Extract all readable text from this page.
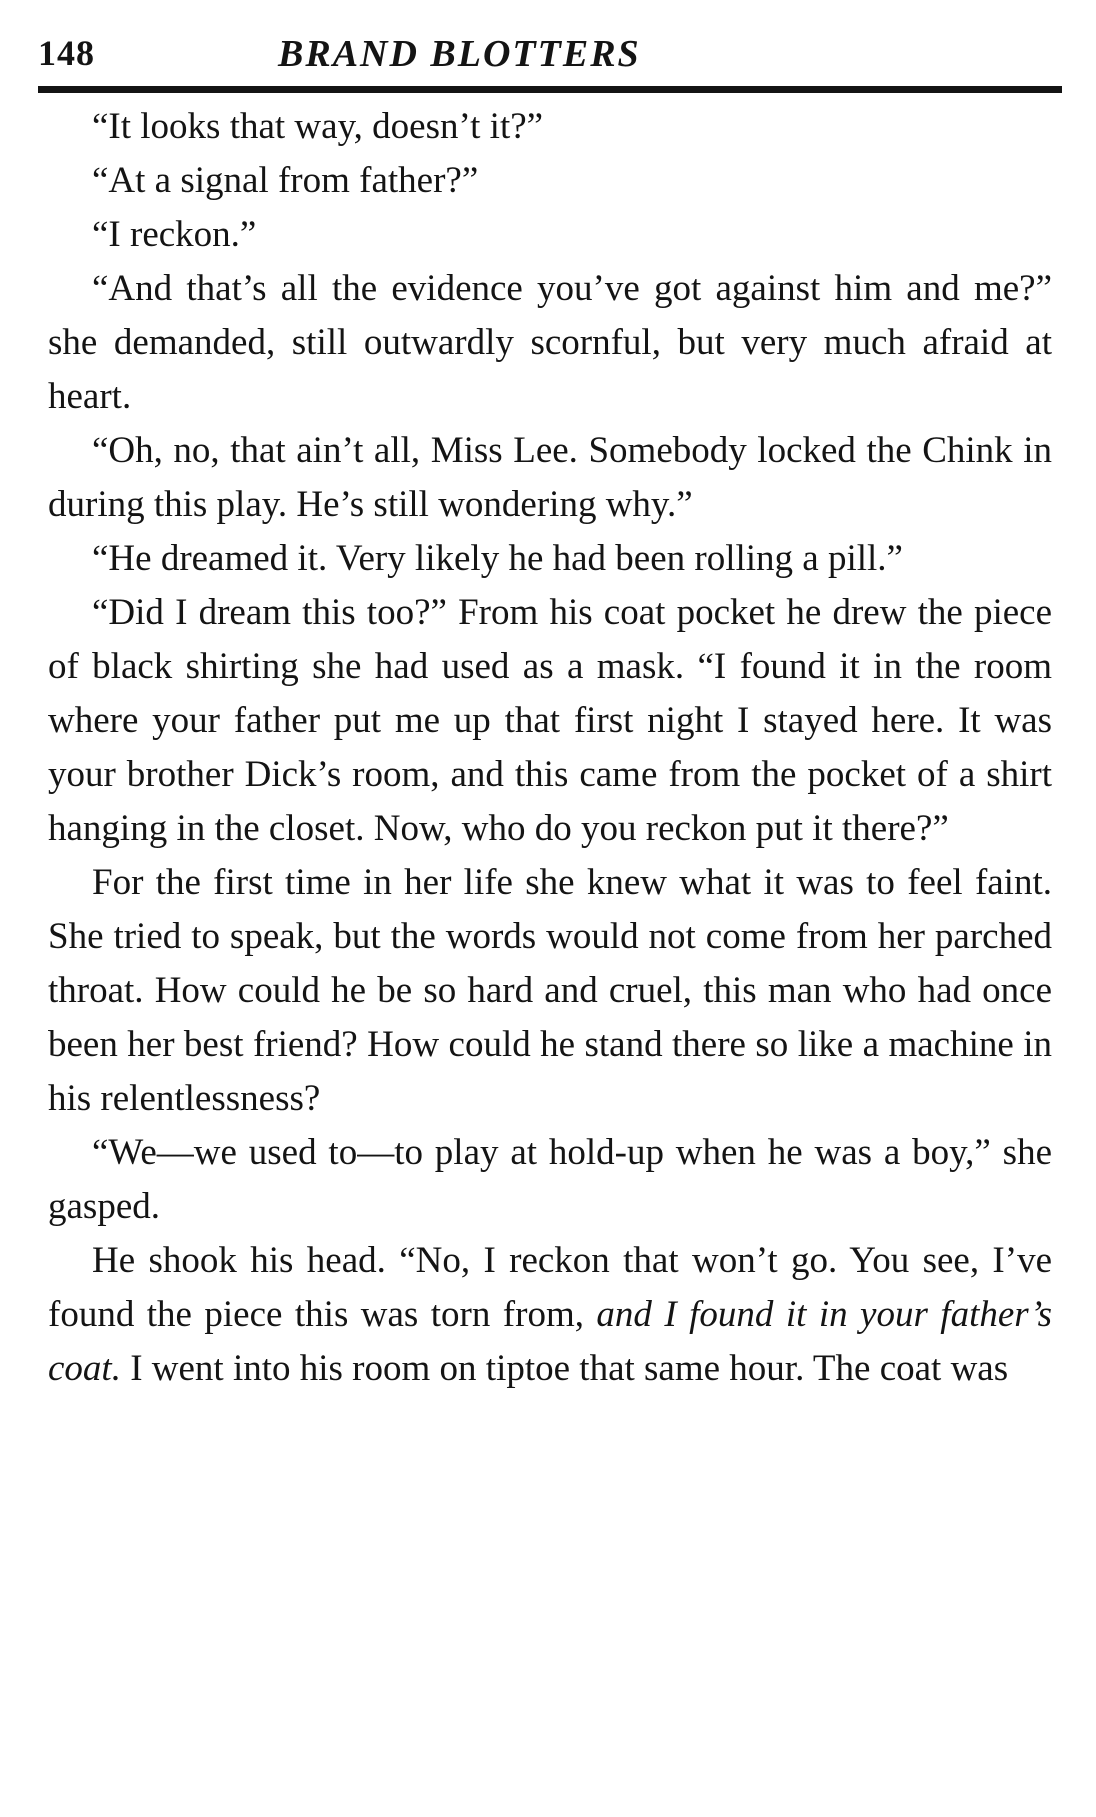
148	BRAND BLOTTERS

“It looks that way, doesn’t it?”

“At a signal from father?”

“I reckon.”

“And that’s all the evidence you’ve got against him and me?” she demanded, still outwardly scornful, but very much afraid at heart.

“Oh, no, that ain’t all, Miss Lee. Somebody locked the Chink in during this play. He’s still wondering why.”

“He dreamed it. Very likely he had been rolling a pill.”

“Did I dream this too?” From his coat pocket he drew the piece of black shirting she had used as a mask. “I found it in the room where your father put me up that first night I stayed here. It was your brother Dick’s room, and this came from the pocket of a shirt hanging in the closet. Now, who do you reckon put it there?”

For the first time in her life she knew what it was to feel faint. She tried to speak, but the words would not come from her parched throat. How could he be so hard and cruel, this man who had once been her best friend? How could he stand there so like a machine in his relentlessness?

“We—we used to—to play at hold-up when he was a boy,” she gasped.

He shook his head. “No, I reckon that won’t go. You see, I’ve found the piece this was torn from, and I found it in your father’s coat. I went into his room on tiptoe that same hour. The coat was
